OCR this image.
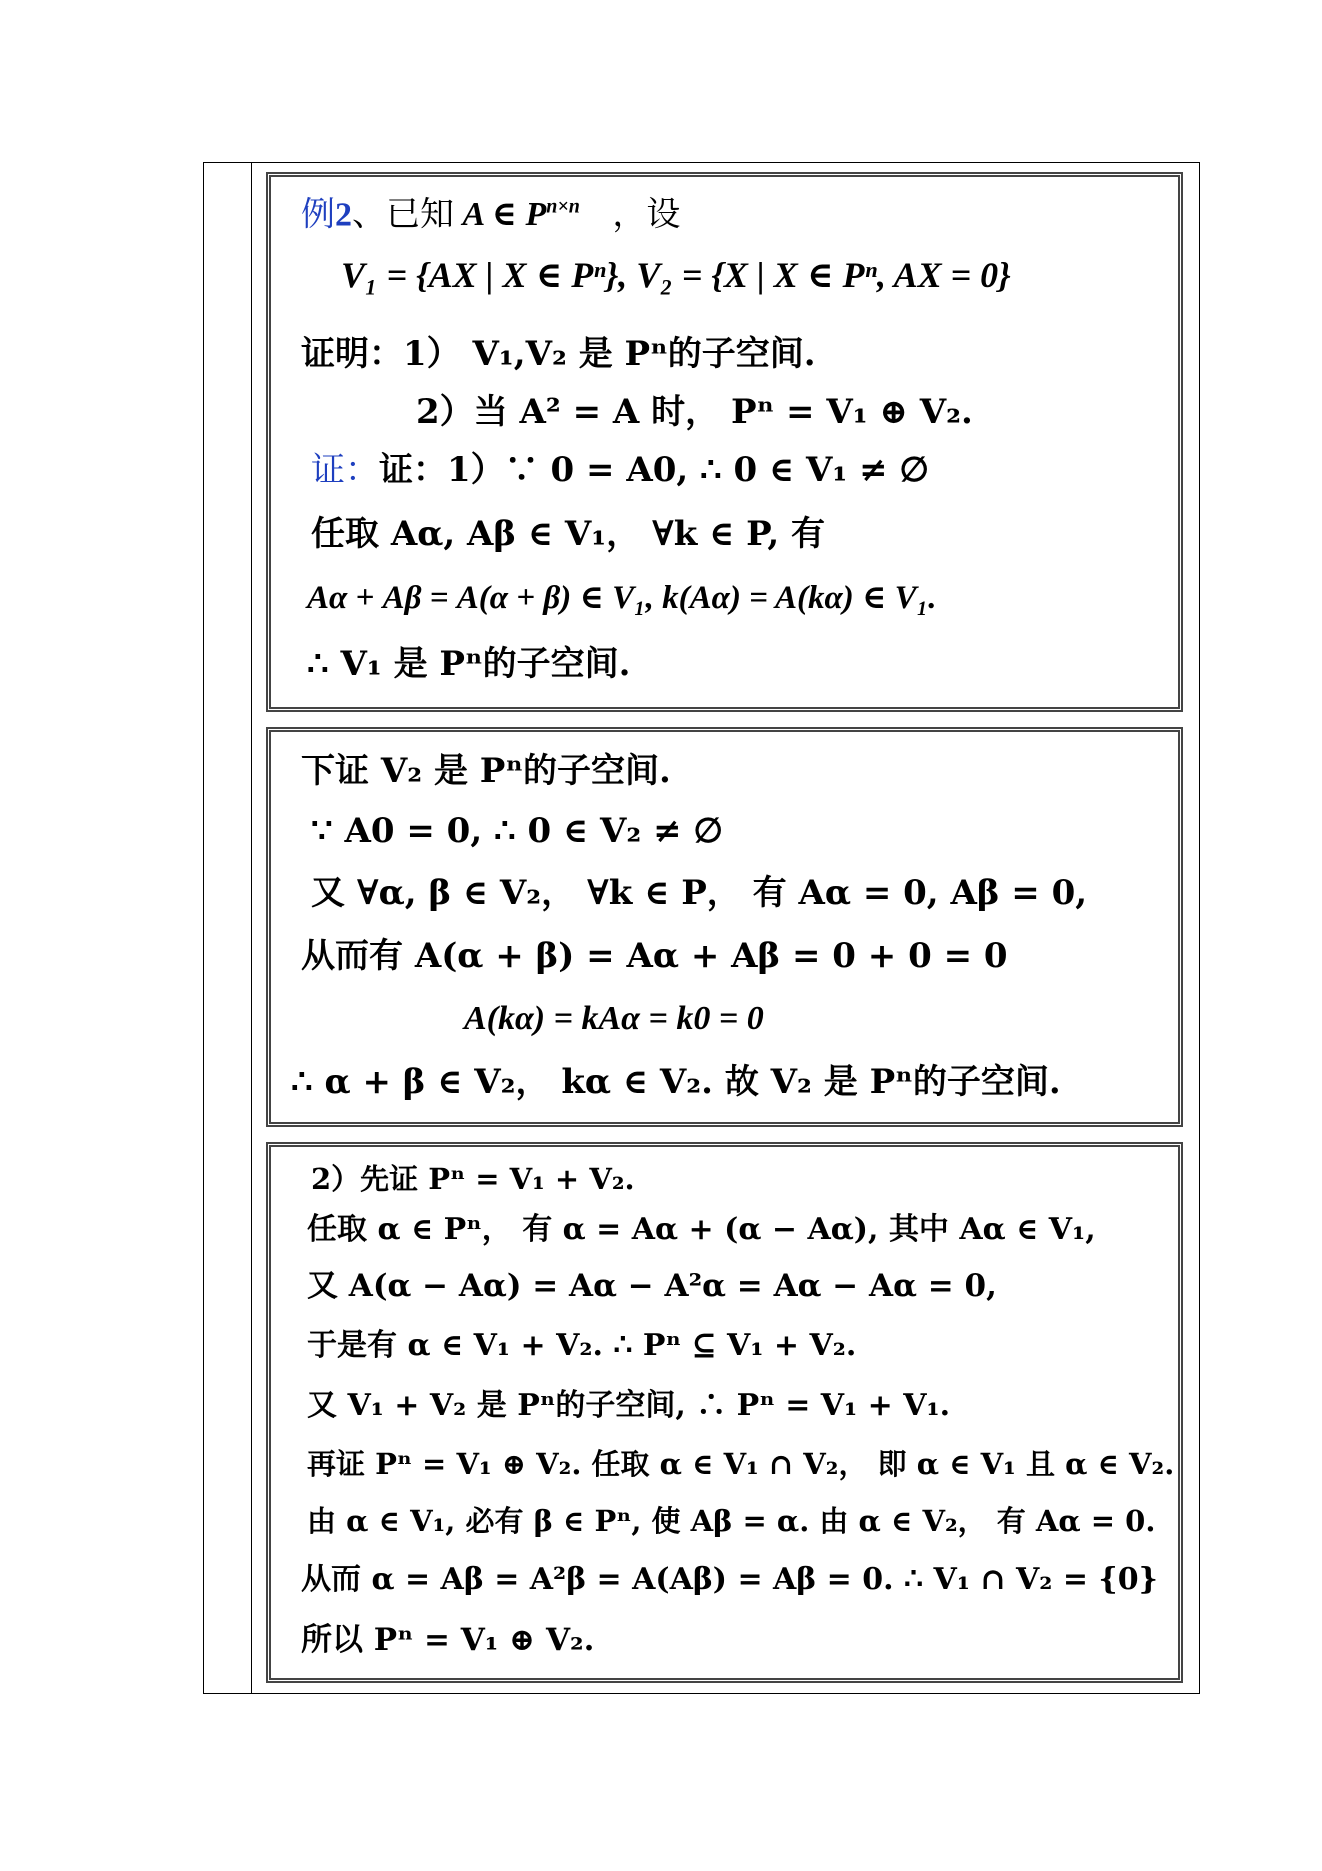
例2、已知 A ∈ $P^{n\times n}$   ，设
V₁ = {AX | X ∈ Pⁿ}, V₂ = {X | X ∈ Pⁿ, AX = 0}
证明：1） V₁,V₂ 是 Pⁿ的子空间.
2）当 A² = A 时， Pⁿ = V₁ ⊕ V₂.
证：证：1）∵ 0 = A0, ∴ 0 ∈ V₁ ≠ ∅
任取 Aα, Aβ ∈ V₁， ∀k ∈ P, 有
Aα + Aβ = A(α + β) ∈ V₁, k(Aα) = A(kα) ∈ V₁.
∴ V₁ 是 Pⁿ的子空间.
下证 V₂ 是 Pⁿ的子空间.
∵ A0 = 0, ∴ 0 ∈ V₂ ≠ ∅
又 ∀α, β ∈ V₂， ∀k ∈ P， 有 Aα = 0, Aβ = 0,
从而有 A(α + β) = Aα + Aβ = 0 + 0 = 0
A(kα) = kAα = k0 = 0
∴ α + β ∈ V₂， kα ∈ V₂. 故 V₂ 是 Pⁿ的子空间.
2）先证 Pⁿ = V₁ + V₂.
任取 α ∈ Pⁿ， 有 α = Aα + (α − Aα), 其中 Aα ∈ V₁,
又 A(α − Aα) = Aα − A²α = Aα − Aα = 0,
于是有 α ∈ V₁ + V₂. ∴ Pⁿ ⊆ V₁ + V₂.
又 V₁ + V₂ 是 Pⁿ的子空间, ∴ Pⁿ = V₁ + V₁.
再证 Pⁿ = V₁ ⊕ V₂. 任取 α ∈ V₁ ∩ V₂， 即 α ∈ V₁ 且 α ∈ V₂.
由 α ∈ V₁, 必有 β ∈ Pⁿ, 使 Aβ = α. 由 α ∈ V₂， 有 Aα = 0.
从而 α = Aβ = A²β = A(Aβ) = Aβ = 0. ∴ V₁ ∩ V₂ = {0}
所以 Pⁿ = V₁ ⊕ V₂.
